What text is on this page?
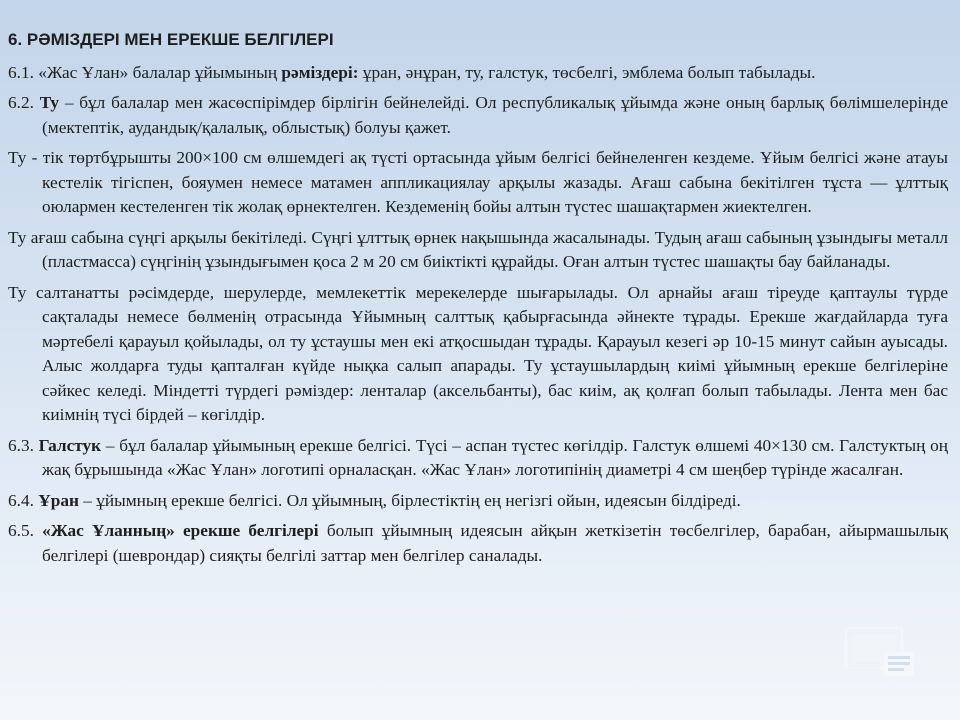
6. РӘМІЗДЕРІ МЕН ЕРЕКШЕ БЕЛГІЛЕРІ
6.1. «Жас Ұлан» балалар ұйымының рәміздері: ұран, әнұран, ту, галстук, төсбелгі, эмблема болып табылады.
6.2. Ту – бұл балалар мен жасөспірімдер бірлігін бейнелейді. Ол республикалық ұйымда және оның барлық бөлімшелерінде (мектептік, аудандық/қалалық, облыстық) болуы қажет.
Ту - тік төртбұрышты 200×100 см өлшемдегі ақ түсті ортасында ұйым белгісі бейнеленген кездеме. Ұйым белгісі және атауы кестелік тігіспен, бояумен немесе матамен аппликациялау арқылы жазады. Ағаш сабына бекітілген тұста — ұлттық оюлармен кестеленген тік жолақ өрнектелген. Кездеменің бойы алтын түстес шашақтармен жиектелген.
Ту ағаш сабына сүңгі арқылы бекітіледі. Сүңгі ұлттық өрнек нақышында жасалынады. Тудың ағаш сабының ұзындығы металл (пластмасса) сүңгінің ұзындығымен қоса 2 м 20 см биіктікті құрайды. Оған алтын түстес шашақты бау байланады.
Ту салтанатты рәсімдерде, шерулерде, мемлекеттік мерекелерде шығарылады. Ол арнайы ағаш тіреуде қаптаулы түрде сақталады немесе бөлменің отрасында Ұйымның салттық қабырғасында әйнекте тұрады. Ерекше жағдайларда туға мәртебелі қарауыл қойылады, ол ту ұстаушы мен екі атқосшыдан тұрады. Қарауыл кезегі әр 10-15 минут сайын ауысады. Алыс жолдарға туды қапталған күйде нықка салып апарады. Ту ұстаушылардың киімі ұйымның ерекше белгілеріне сәйкес келеді. Міндетті түрдегі рәміздер: ленталар (аксельбанты), бас киім, ақ қолғап болып табылады. Лента мен бас киімнің түсі бірдей – көгілдір.
6.3. Галстук – бұл балалар ұйымының ерекше белгісі. Түсі – аспан түстес көгілдір. Галстук өлшемі 40×130 см. Галстуктың оң жақ бұрышында «Жас Ұлан» логотипі орналасқан. «Жас Ұлан» логотипінің диаметрі 4 см шеңбер түрінде жасалған.
6.4. Ұран – ұйымның ерекше белгісі. Ол ұйымның, бірлестіктің ең негізгі ойын, идеясын білдіреді.
6.5. «Жас Ұланның» ерекше белгілері болып ұйымның идеясын айқын жеткізетін төсбелгілер, барабан, айырмашылық белгілері (шеврондар) сияқты белгілі заттар мен белгілер саналады.
